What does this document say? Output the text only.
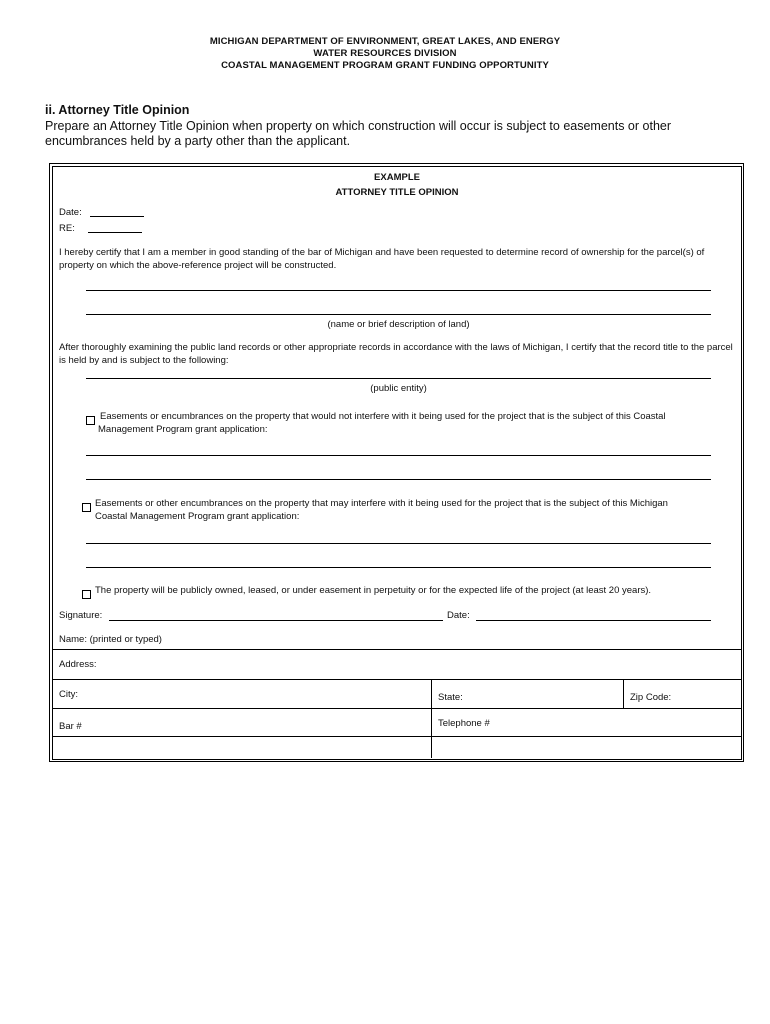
MICHIGAN DEPARTMENT OF ENVIRONMENT, GREAT LAKES, AND ENERGY
WATER RESOURCES DIVISION
COASTAL MANAGEMENT PROGRAM GRANT FUNDING OPPORTUNITY
ii. Attorney Title Opinion
Prepare an Attorney Title Opinion when property on which construction will occur is subject to easements or other encumbrances held by a party other than the applicant.
EXAMPLE
ATTORNEY TITLE OPINION
Date:
RE:
I hereby certify that I am a member in good standing of the bar of Michigan and have been requested to determine record of ownership for the parcel(s) of property on which the above-reference project will be constructed.
(name or brief description of land)
After thoroughly examining the public land records or other appropriate records in accordance with the laws of Michigan, I certify that the record title to the parcel is held by and is subject to the following:
(public entity)
Easements or encumbrances on the property that would not interfere with it being used for the project that is the subject of this Coastal Management Program grant application:
Easements or other encumbrances on the property that may interfere with it being used for the project that is the subject of this Michigan Coastal Management Program grant application:
The property will be publicly owned, leased, or under easement in perpetuity or for the expected life of the project (at least 20 years).
Signature:	Date:
Name: (printed or typed)
Address:
City:	State:	Zip Code:
Bar #	Telephone #
